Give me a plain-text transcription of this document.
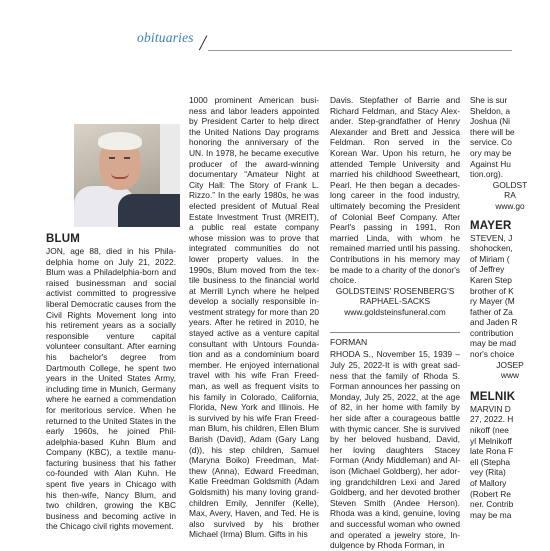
obituaries /
BLUM

JON, age 88, died in his Philadelphia home on July 21, 2022. Blum was a Philadelphia-born and raised businessman and social activist committed to progressive liberal Democratic causes from the Civil Rights Movement long into his retirement years as a socially responsible venture capital volunteer consultant. After earning his bachelor's degree from Dartmouth College, he spent two years in the United States Army, including time in Munich, Germany where he earned a commendation for meritorious service. When he returned to the United States in the early 1960s, he joined Philadelphia-based Kuhn Blum and Company (KBC), a textile manufacturing business that his father co-founded with Alan Kuhn. He spent five years in Chicago with his then-wife, Nancy Blum, and two children, growing the KBC business and becoming active in the Chicago civil rights movement.

1000 prominent American business and labor leaders appointed by President Carter to help direct the United Nations Day programs honoring the anniversary of the UN. In 1978, he became executive producer of the award-winning documentary “Amateur Night at City Hall: The Story of Frank L. Rizzo.” In the early 1980s, he was elected president of Mutual Real Estate Investment Trust (MREIT), a public real estate company whose mission was to prove that integrated communities do not lower property values. In the 1990s, Blum moved from the textile business to the financial world at Merrill Lynch where he helped develop a socially responsible investment strategy for more than 20 years. After he retired in 2010, he stayed active as a venture capital consultant with Untours Foundation and as a condominium board member. He enjoyed international travel with his wife Fran Freedman, as well as frequent visits to his family in Colorado, California, Florida, New York and Illinois. He is survived by his wife Fran Freedman Blum, his children, Ellen Blum Barish (David), Adam (Gary Lang (d)), his step children, Samuel (Maryna Boiko) Freedman, Matthew (Anna), Edward Freedman, Katie Freedman Goldsmith (Adam Goldsmith) his many loving grandchildren Emily, Jennifer (Kelle), Max, Avery, Haven, and Ted. He is also survived by his brother Michael (Irma) Blum. Gifts in his

Davis. Stepfather of Barrie and Richard Feldman, and Stacy Alexander. Step-grandfather of Henry Alexander and Brett and Jessica Feldman. Ron served in the Korean War. Upon his return, he attended Temple University and married his childhood Sweetheart, Pearl. He then began a decades-long career in the food industry, ultimately becoming the President of Colonial Beef Company. After Pearl's passing in 1991, Ron married Linda, with whom he remained married until his passing. Contributions in his memory may be made to a charity of the donor's choice.

GOLDSTEINS' ROSENBERG'S RAPHAEL-SACKS

www.goldsteinsfuneral.com

FORMAN

RHODA S., November 15, 1939 – July 25, 2022-It is with great sadness that the family of Rhoda S. Forman announces her passing on Monday, July 25, 2022, at the age of 82, in her home with family by her side after a courageous battle with thymic cancer. She is survived by her beloved husband, David, her loving daughters Stacey Forman (Andy Middleman) and Alison (Michael Goldberg), her adoring grandchildren Lexi and Jared Goldberg, and her devoted brother Steven Smith (Andee Herson). Rhoda was a kind, genuine, loving and successful woman who owned and operated a jewelry store, Indulgence by Rhoda Forman, in

She is sur

Sheldon, a

Joshua (Ni

there will be

service. Co

ory may be

Against Hu

tion.org).

GOLDST

RA

www.go

MAYER

STEVEN, J

shohocken,

of Miriam (

of Jeffrey

Karen Step

brother of K

ry Mayer (M

father of Za

and Jaden R

contribution

may be mad

nor's choice

JOSEP

www

MELNIK

MARVIN D

27, 2022. H

nikoff (nee

yl Melnikoff

late Rona F

ell (Stepha

vey (Rita)

of Mallory

(Robert Re

ner. Contrib

may be ma
